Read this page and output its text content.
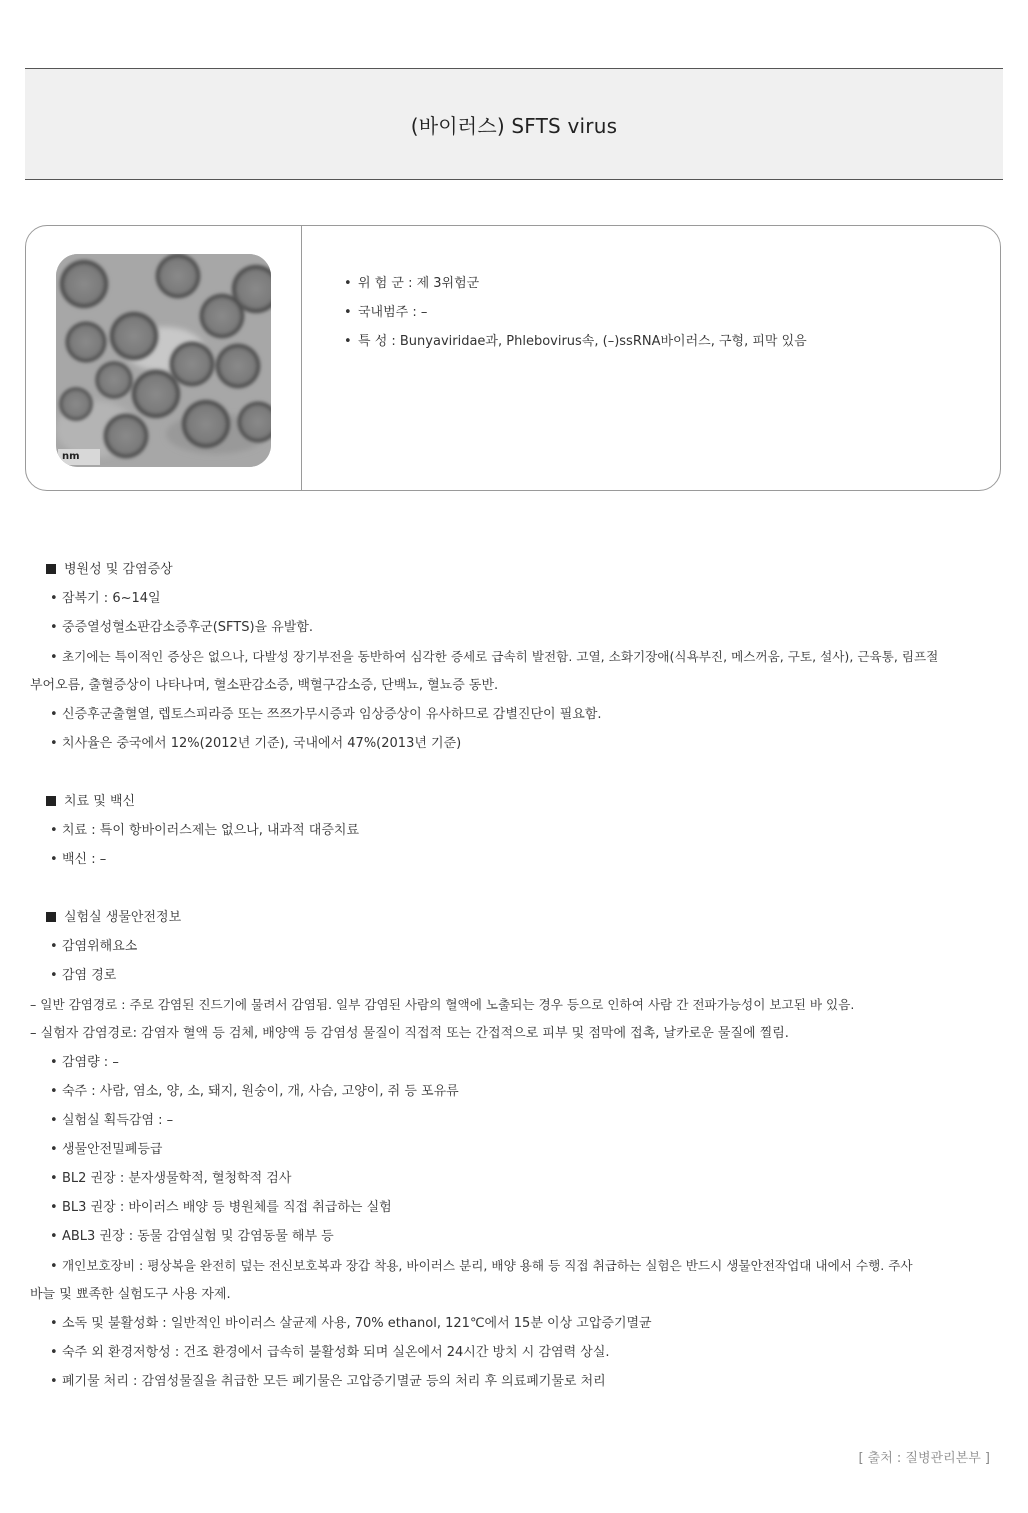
(바이러스) SFTS virus
nm
• 위 험 군 : 제 3위험군
• 국내범주 : –
• 특 성 : Bunyaviridae과, Phlebovirus속, (–)ssRNA바이러스, 구형, 피막 있음
병원성 및 감염증상
• 잠복기 : 6~14일
• 중증열성혈소판감소증후군(SFTS)을 유발함.
• 초기에는 특이적인 증상은 없으나, 다발성 장기부전을 동반하여 심각한 증세로 급속히 발전함. 고열, 소화기장애(식욕부진, 메스꺼움, 구토, 설사), 근육통, 림프절
부어오름, 출혈증상이 나타나며, 혈소판감소증, 백혈구감소증, 단백뇨, 혈뇨증 동반.
• 신증후군출혈열, 렙토스피라증 또는 쯔쯔가무시증과 임상증상이 유사하므로 감별진단이 필요함.
• 치사율은 중국에서 12%(2012년 기준), 국내에서 47%(2013년 기준)
치료 및 백신
• 치료 : 특이 항바이러스제는 없으나, 내과적 대증치료
• 백신 : –
실험실 생물안전정보
• 감염위해요소
• 감염 경로
– 일반 감염경로 : 주로 감염된 진드기에 물려서 감염됨. 일부 감염된 사람의 혈액에 노출되는 경우 등으로 인하여 사람 간 전파가능성이 보고된 바 있음.
– 실험자 감염경로: 감염자 혈액 등 검체, 배양액 등 감염성 물질이 직접적 또는 간접적으로 피부 및 점막에 접촉, 날카로운 물질에 찔림.
• 감염량 : –
• 숙주 : 사람, 염소, 양, 소, 돼지, 원숭이, 개, 사슴, 고양이, 쥐 등 포유류
• 실험실 획득감염 : –
• 생물안전밀폐등급
• BL2 권장 : 분자생물학적, 혈청학적 검사
• BL3 권장 : 바이러스 배양 등 병원체를 직접 취급하는 실험
• ABL3 권장 : 동물 감염실험 및 감염동물 해부 등
• 개인보호장비 : 평상복을 완전히 덮는 전신보호복과 장갑 착용, 바이러스 분리, 배양 용해 등 직접 취급하는 실험은 반드시 생물안전작업대 내에서 수행. 주사
바늘 및 뾰족한 실험도구 사용 자제.
• 소독 및 불활성화 : 일반적인 바이러스 살균제 사용, 70% ethanol, 121℃에서 15분 이상 고압증기멸균
• 숙주 외 환경저항성 : 건조 환경에서 급속히 불활성화 되며 실온에서 24시간 방치 시 감염력 상실.
• 폐기물 처리 : 감염성물질을 취급한 모든 폐기물은 고압증기멸균 등의 처리 후 의료폐기물로 처리
[ 출처 : 질병관리본부 ]
